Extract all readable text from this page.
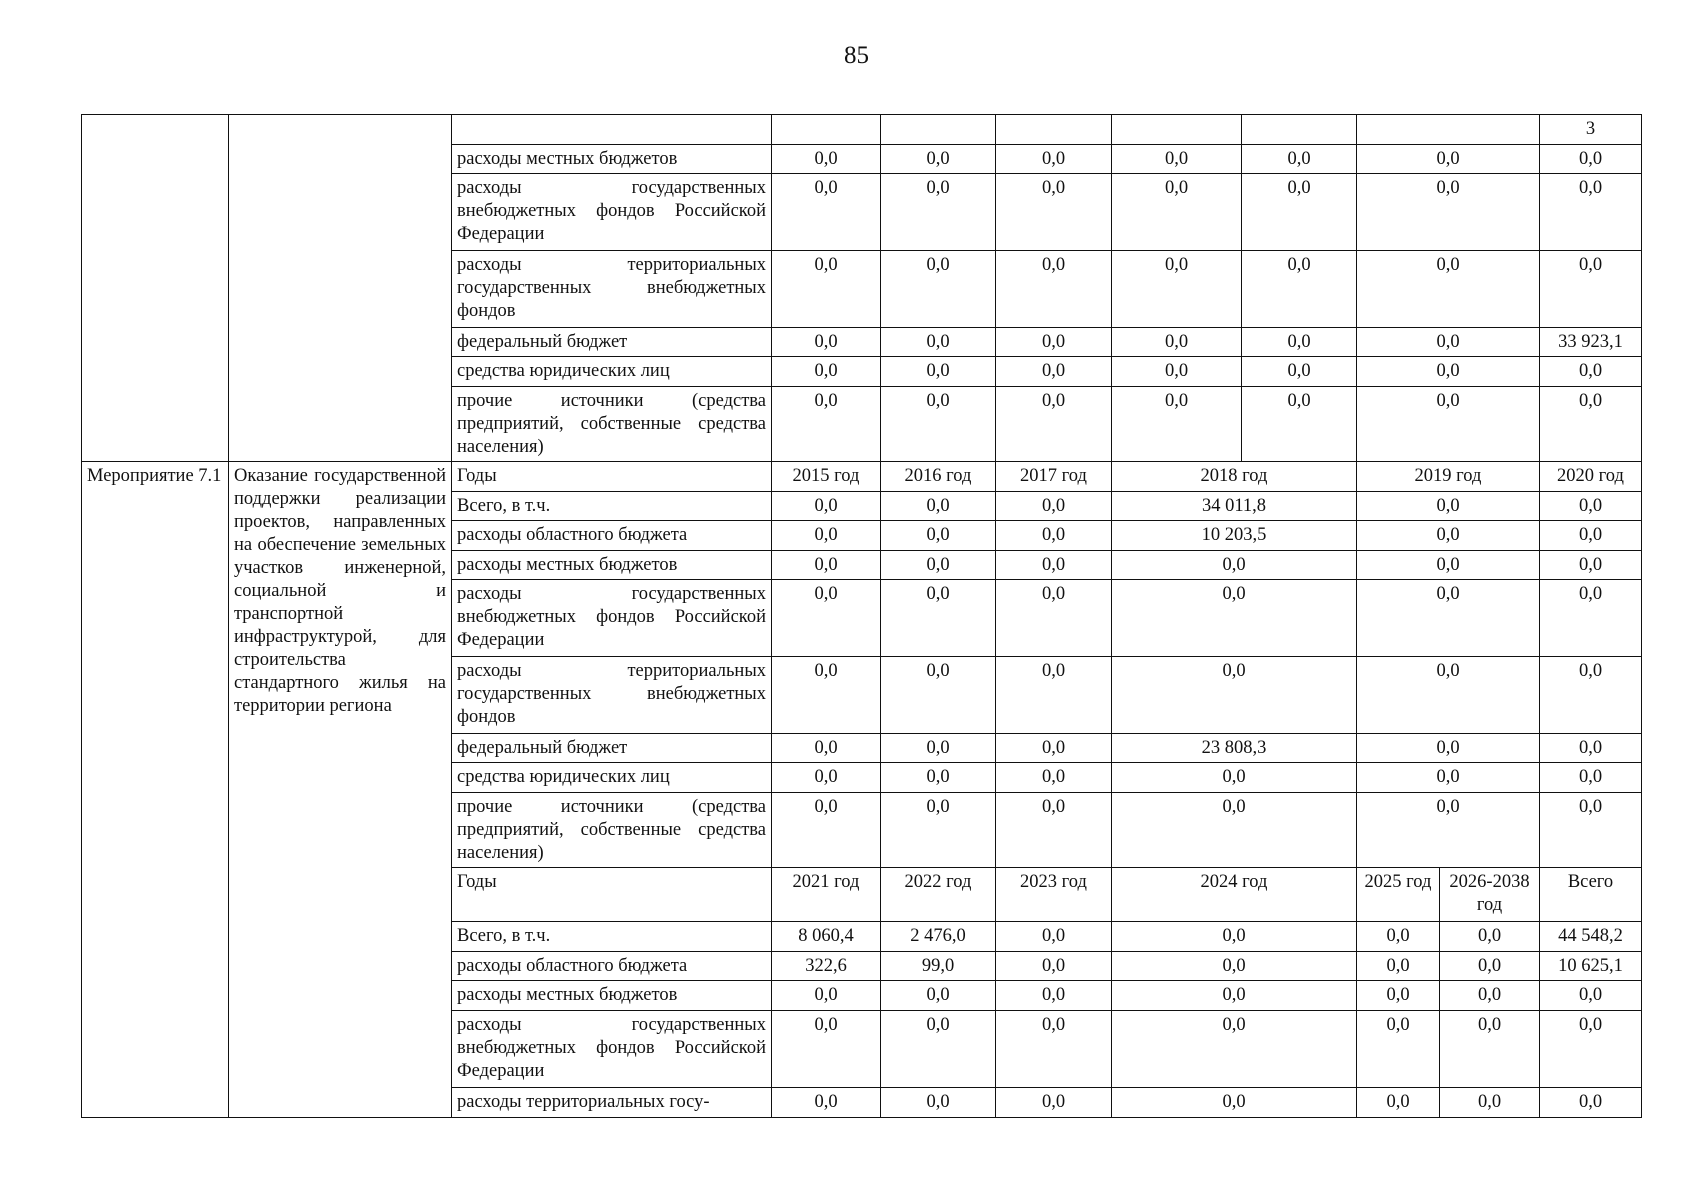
85
										3
		расходы местных бюджетов	0,0	0,0	0,0	0,0	0,0	0,0		0,0
		расходы государственных внебюджетных фондов Российской Федерации	0,0	0,0	0,0	0,0	0,0	0,0		0,0
		расходы территориальных государственных внебюджетных фондов	0,0	0,0	0,0	0,0	0,0	0,0		0,0
		федеральный бюджет	0,0	0,0	0,0	0,0	0,0	0,0		33 923,1
		средства юридических лиц	0,0	0,0	0,0	0,0	0,0	0,0		0,0
		прочие источники (средства предприятий, собственные средства населения)	0,0	0,0	0,0	0,0	0,0	0,0		0,0
Мероприятие 7.1	Оказание государственной поддержки реализации проектов, направленных на обеспечение земельных участков инженерной, социальной и транспортной инфраструктурой, для строительства стандартного жилья на территории региона	Годы	2015 год	2016 год	2017 год	2018 год		2019 год		2020 год
		Всего, в т.ч.	0,0	0,0	0,0	34 011,8		0,0		0,0
		расходы областного бюджета	0,0	0,0	0,0	10 203,5		0,0		0,0
		расходы местных бюджетов	0,0	0,0	0,0	0,0		0,0		0,0
		расходы государственных внебюджетных фондов Российской Федерации	0,0	0,0	0,0	0,0		0,0		0,0
		расходы территориальных государственных внебюджетных фондов	0,0	0,0	0,0	0,0		0,0		0,0
		федеральный бюджет	0,0	0,0	0,0	23 808,3		0,0		0,0
		средства юридических лиц	0,0	0,0	0,0	0,0		0,0		0,0
		прочие источники (средства предприятий, собственные средства населения)	0,0	0,0	0,0	0,0		0,0		0,0
		Годы	2021 год	2022 год	2023 год	2024 год		2025 год	2026-2038 год	Всего
		Всего, в т.ч.	8 060,4	2 476,0	0,0	0,0		0,0	0,0	44 548,2
		расходы областного бюджета	322,6	99,0	0,0	0,0		0,0	0,0	10 625,1
		расходы местных бюджетов	0,0	0,0	0,0	0,0		0,0	0,0	0,0
		расходы государственных внебюджетных фондов Российской Федерации	0,0	0,0	0,0	0,0		0,0	0,0	0,0
		расходы территориальных госу-	0,0	0,0	0,0	0,0		0,0	0,0	0,0
